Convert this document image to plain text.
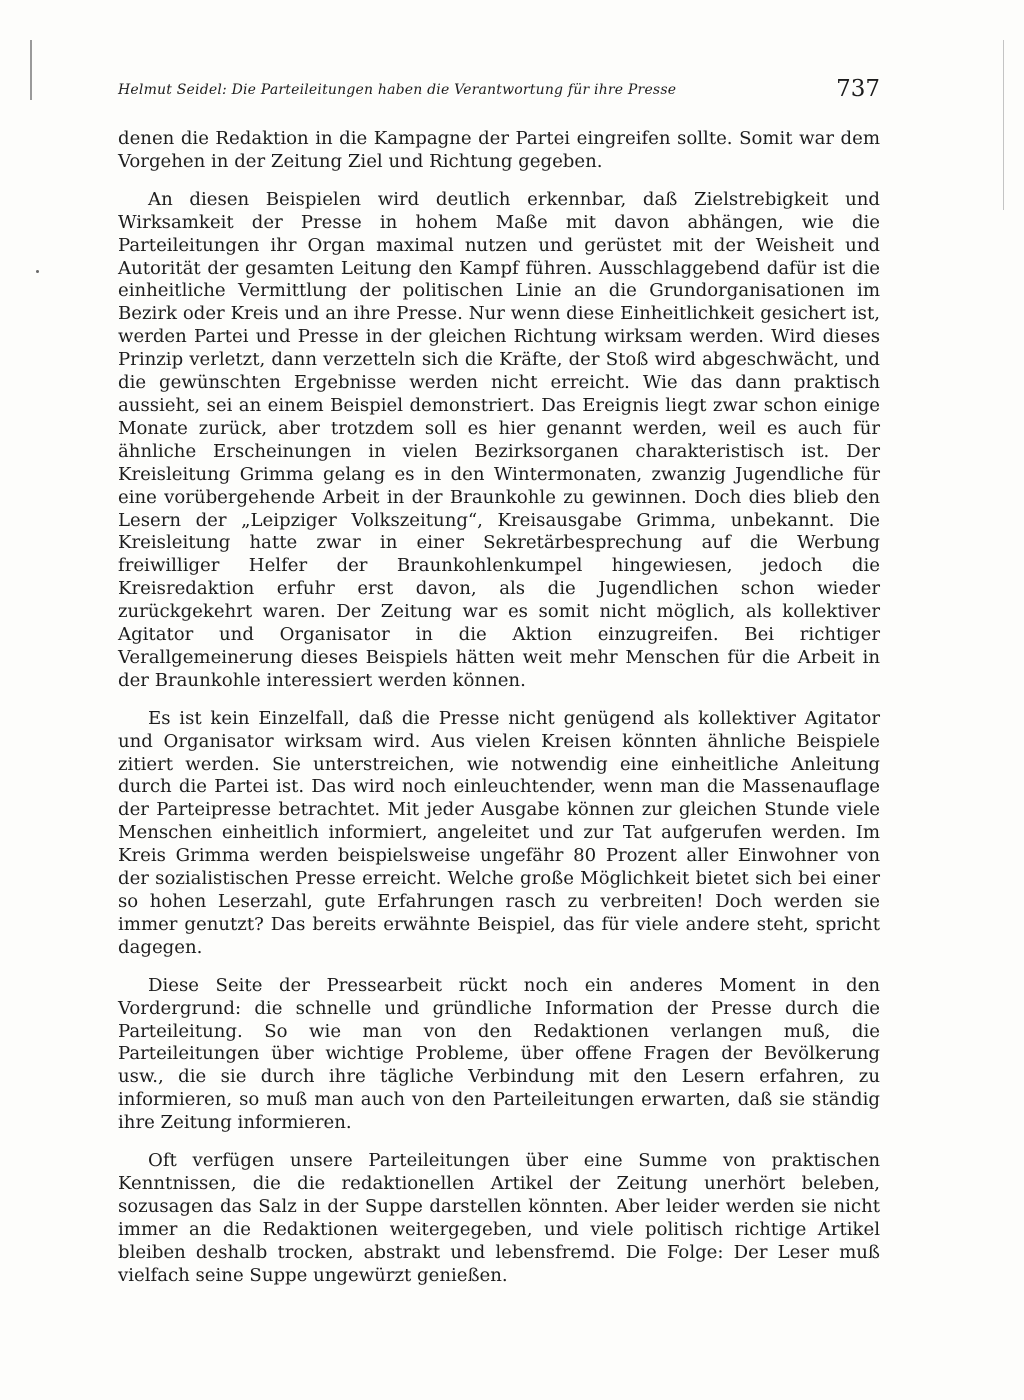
Helmut Seidel: Die Parteileitungen haben die Verantwortung für ihre Presse	737

denen die Redaktion in die Kampagne der Partei eingreifen sollte. Somit war dem Vorgehen in der Zeitung Ziel und Richtung gegeben.

An diesen Beispielen wird deutlich erkennbar, daß Zielstrebigkeit und Wirksamkeit der Presse in hohem Maße mit davon abhängen, wie die Parteileitungen ihr Organ maximal nutzen und gerüstet mit der Weisheit und Autorität der gesamten Leitung den Kampf führen. Ausschlaggebend dafür ist die einheitliche Vermittlung der politischen Linie an die Grundorganisationen im Bezirk oder Kreis und an ihre Presse. Nur wenn diese Einheitlichkeit gesichert ist, werden Partei und Presse in der gleichen Richtung wirksam werden. Wird dieses Prinzip verletzt, dann verzetteln sich die Kräfte, der Stoß wird abgeschwächt, und die gewünschten Ergebnisse werden nicht erreicht. Wie das dann praktisch aussieht, sei an einem Beispiel demonstriert. Das Ereignis liegt zwar schon einige Monate zurück, aber trotzdem soll es hier genannt werden, weil es auch für ähnliche Erscheinungen in vielen Bezirksorganen charakteristisch ist. Der Kreisleitung Grimma gelang es in den Wintermonaten, zwanzig Jugendliche für eine vorübergehende Arbeit in der Braunkohle zu gewinnen. Doch dies blieb den Lesern der „Leipziger Volkszeitung“, Kreisausgabe Grimma, unbekannt. Die Kreisleitung hatte zwar in einer Sekretärbesprechung auf die Werbung freiwilliger Helfer der Braunkohlenkumpel hingewiesen, jedoch die Kreisredaktion erfuhr erst davon, als die Jugendlichen schon wieder zurückgekehrt waren. Der Zeitung war es somit nicht möglich, als kollektiver Agitator und Organisator in die Aktion einzugreifen. Bei richtiger Verallgemeinerung dieses Beispiels hätten weit mehr Menschen für die Arbeit in der Braunkohle interessiert werden können.

Es ist kein Einzelfall, daß die Presse nicht genügend als kollektiver Agitator und Organisator wirksam wird. Aus vielen Kreisen könnten ähnliche Beispiele zitiert werden. Sie unterstreichen, wie notwendig eine einheitliche Anleitung durch die Partei ist. Das wird noch einleuchtender, wenn man die Massenauflage der Parteipresse betrachtet. Mit jeder Ausgabe können zur gleichen Stunde viele Menschen einheitlich informiert, angeleitet und zur Tat aufgerufen werden. Im Kreis Grimma werden beispielsweise ungefähr 80 Prozent aller Einwohner von der sozialistischen Presse erreicht. Welche große Möglichkeit bietet sich bei einer so hohen Leserzahl, gute Erfahrungen rasch zu verbreiten! Doch werden sie immer genutzt? Das bereits erwähnte Beispiel, das für viele andere steht, spricht dagegen.

Diese Seite der Pressearbeit rückt noch ein anderes Moment in den Vordergrund: die schnelle und gründliche Information der Presse durch die Parteileitung. So wie man von den Redaktionen verlangen muß, die Parteileitungen über wichtige Probleme, über offene Fragen der Bevölkerung usw., die sie durch ihre tägliche Verbindung mit den Lesern erfahren, zu informieren, so muß man auch von den Parteileitungen erwarten, daß sie ständig ihre Zeitung informieren.

Oft verfügen unsere Parteileitungen über eine Summe von praktischen Kenntnissen, die die redaktionellen Artikel der Zeitung unerhört beleben, sozusagen das Salz in der Suppe darstellen könnten. Aber leider werden sie nicht immer an die Redaktionen weitergegeben, und viele politisch richtige Artikel bleiben deshalb trocken, abstrakt und lebensfremd. Die Folge: Der Leser muß vielfach seine Suppe ungewürzt genießen.
